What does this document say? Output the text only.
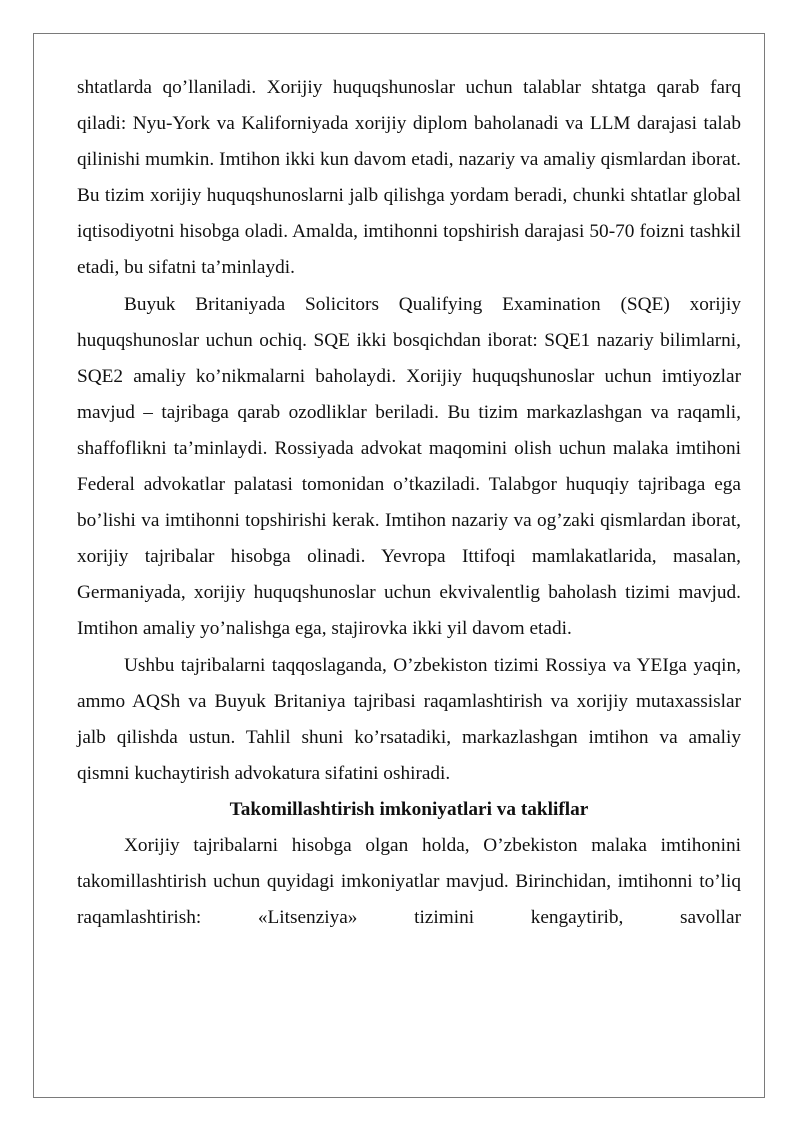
shtatlarda qo’llaniladi. Xorijiy huquqshunoslar uchun talablar shtatga qarab farq qiladi: Nyu-York va Kaliforniyada xorijiy diplom baholanadi va LLM darajasi talab qilinishi mumkin. Imtihon ikki kun davom etadi, nazariy va amaliy qismlardan iborat. Bu tizim xorijiy huquqshunoslarni jalb qilishga yordam beradi, chunki shtatlar global iqtisodiyotni hisobga oladi. Amalda, imtihonni topshirish darajasi 50-70 foizni tashkil etadi, bu sifatni ta’minlaydi.

Buyuk Britaniyada Solicitors Qualifying Examination (SQE) xorijiy huquqshunoslar uchun ochiq. SQE ikki bosqichdan iborat: SQE1 nazariy bilimlarni, SQE2 amaliy ko’nikmalarni baholaydi. Xorijiy huquqshunoslar uchun imtiyozlar mavjud – tajribaga qarab ozodliklar beriladi. Bu tizim markazlashgan va raqamli, shaffoflikni ta’minlaydi. Rossiyada advokat maqomini olish uchun malaka imtihoni Federal advokatlar palatasi tomonidan o’tkaziladi. Talabgor huquqiy tajribaga ega bo’lishi va imtihonni topshirishi kerak. Imtihon nazariy va og’zaki qismlardan iborat, xorijiy tajribalar hisobga olinadi. Yevropa Ittifoqi mamlakatlarida, masalan, Germaniyada, xorijiy huquqshunoslar uchun ekvivalentlig baholash tizimi mavjud. Imtihon amaliy yo’nalishga ega, stajirovka ikki yil davom etadi.

Ushbu tajribalarni taqqoslaganda, O’zbekiston tizimi Rossiya va YEIga yaqin, ammo AQSh va Buyuk Britaniya tajribasi raqamlashtirish va xorijiy mutaxassislar jalb qilishda ustun. Tahlil shuni ko’rsatadiki, markazlashgan imtihon va amaliy qismni kuchaytirish advokatura sifatini oshiradi.

Takomillashtirish imkoniyatlari va takliflar

Xorijiy tajribalarni hisobga olgan holda, O’zbekiston malaka imtihonini takomillashtirish uchun quyidagi imkoniyatlar mavjud. Birinchidan, imtihonni to’liq raqamlashtirish: «Litsenziya» tizimini kengaytirib, savollar
